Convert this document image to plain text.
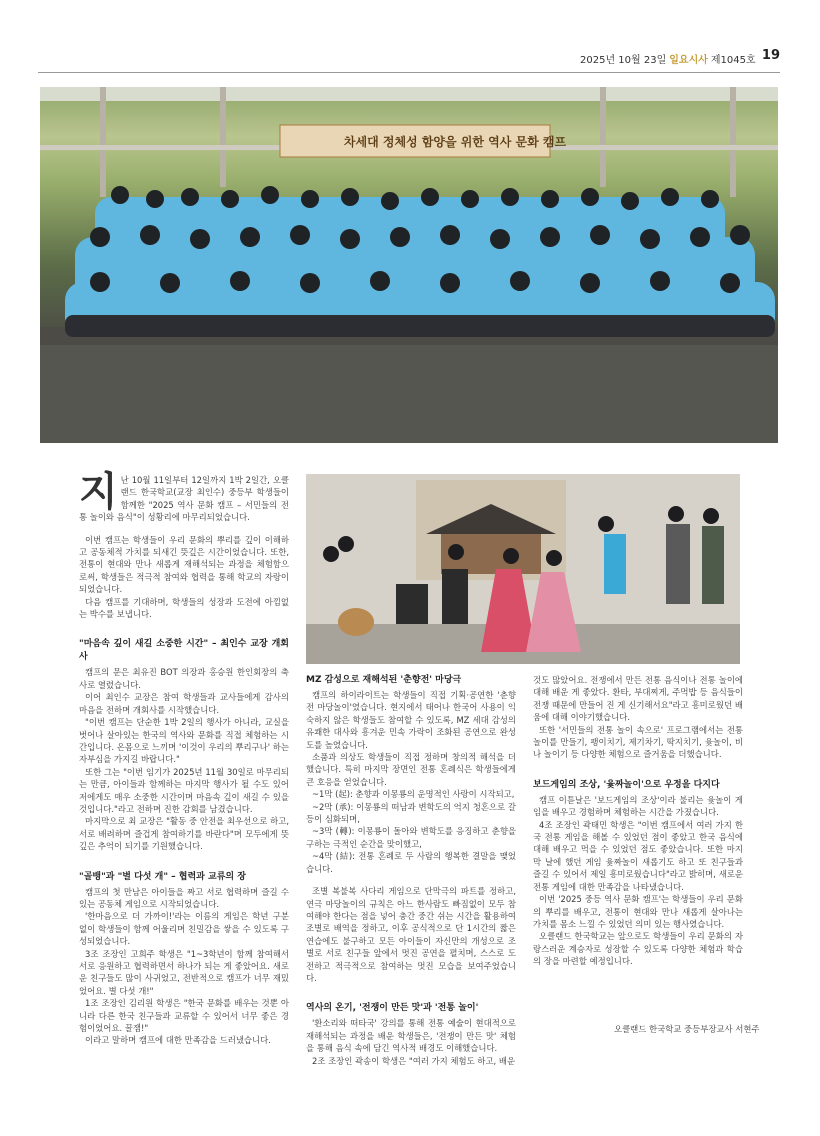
2025년 10월 23일 일요시사 제1045호 19
차세대 정체성 함양을 위한 역사 문화 캠프
지 난 10월 11일부터 12일까지 1박 2일간, 오클랜드 한국학교(교장 최인수) 중등부 학생들이 함께한 "2025 역사 문화 캠프 – 서민들의 전통 놀이와 음식"이 성황리에 마무리되었습니다.

이번 캠프는 학생들이 우리 문화의 뿌리를 깊이 이해하고 공동체적 가치를 되새긴 뜻깊은 시간이었습니다. 또한, 전통이 현대와 만나 새롭게 재해석되는 과정을 체험함으로써, 학생들은 적극적 참여와 협력을 통해 학교의 자랑이 되었습니다.

다음 캠프를 기대하며, 학생들의 성장과 도전에 아낌없는 박수를 보냅니다.

"마음속 깊이 새길 소중한 시간" – 최인수 교장 개회사

캠프의 문은 최유진 BOT 의장과 홍승원 한인회장의 축사로 열렸습니다.

이어 최인수 교장은 참여 학생들과 교사들에게 감사의 마음을 전하며 개회사를 시작했습니다.

"이번 캠프는 단순한 1박 2일의 행사가 아니라, 교실을 벗어나 살아있는 한국의 역사와 문화를 직접 체험하는 시간입니다. 온몸으로 느끼며 '이것이 우리의 뿌리구나' 하는 자부심을 가지길 바랍니다."

또한 그는 "이번 임기가 2025년 11월 30일로 마무리되는 만큼, 아이들과 함께하는 마지막 행사가 될 수도 있어 저에게도 매우 소중한 시간이며 마음속 깊이 새길 수 있을 것입니다."라고 전하며 진한 감회를 남겼습니다.

마지막으로 최 교장은 "활동 중 안전을 최우선으로 하고, 서로 배려하며 즐겁게 참여하기를 바란다"며 모두에게 뜻깊은 추억이 되기를 기원했습니다.

"골뱅"과 "별 다섯 개" – 협력과 교류의 장

캠프의 첫 만남은 아이들을 짜고 서로 협력하며 즐길 수 있는 공동체 게임으로 시작되었습니다.

'한마음으로 더 가까이!'라는 이름의 게임은 학년 구분 없이 학생들이 함께 어울리며 친밀감을 쌓을 수 있도록 구성되었습니다.

3조 조장인 고희주 학생은 "1~3학년이 함께 참여해서 서로 응원하고 협력하면서 하나가 되는 게 좋았어요. 새로운 친구들도 많이 사귀었고, 전반적으로 캠프가 너무 재밌었어요. 별 다섯 개!"

1조 조장인 김리원 학생은 "한국 문화를 배우는 것뿐 아니라 다른 한국 친구들과 교류할 수 있어서 너무 좋은 경험이었어요. 꿀잼!"

이라고 말하며 캠프에 대한 만족감을 드러냈습니다.

MZ 감성으로 재해석된 '춘향전' 마당극

캠프의 하이라이트는 학생들이 직접 기획·공연한 '춘향전 마당놀이'였습니다. 현지에서 태어나 한국어 사용이 익숙하지 않은 학생들도 참여할 수 있도록, MZ 세대 감성의 유쾌한 대사와 흥겨운 민속 가락이 조화된 공연으로 완성도를 높였습니다.

소품과 의상도 학생들이 직접 정하며 창의적 해석을 더했습니다. 특히 마지막 장면인 전통 혼례식은 학생들에게 큰 호응을 얻었습니다.

~1막 (起): 춘향과 이몽룡의 운명적인 사랑이 시작되고,

~2막 (承): 이몽룡의 떠남과 변학도의 억지 청혼으로 갈등이 심화되며,

~3막 (轉): 이몽룡이 돌아와 변학도를 응징하고 춘향을 구하는 극적인 순간을 맞이했고,

~4막 (結): 전통 혼례로 두 사람의 행복한 결말을 맺었습니다.

조별 복불복 사다리 게임으로 단막극의 파트를 정하고, 연극 마당놀이의 규칙은 아느 한사람도 빠짐없이 모두 참여해야 한다는 점을 넣어 충간 중간 쉬는 시간을 활용하여 조별로 배역을 정하고, 이후 공식적으로 단 1시간의 짧은 연습에도 불구하고 모든 아이들이 자신만의 개성으로 조별로 서로 친구들 앞에서 멋진 공연을 펼치며, 스스로 도전하고 적극적으로 참여하는 멋진 모습을 보여주었습니다.

역사의 온기, '전쟁이 만든 맛'과 '전통 놀이'

'환소리와 떠타국' 강의를 통해 전통 예술이 현대적으로 재해석되는 과정을 배운 학생들은, '전쟁이 만든 맛' 체험을 통해 음식 속에 담긴 역사적 배경도 이해했습니다.

2조 조장인 곽송이 학생은 "여러 가지 체험도 하고, 배운

것도 많았어요. 전쟁에서 만든 전통 음식이나 전통 놀이에 대해 배운 게 좋았다. 환타, 부대찌게, 주먹밥 등 음식들이 전쟁 때문에 만들어 진 게 신기해서요"라고 흥미로웠던 배움에 대해 이야기했습니다.

또한 '서민들의 전통 놀이 속으로' 프로그램에서는 전통 놀이를 만들기, 팽이치기, 제기차기, 딱지치기, 윷놀이, 비나 놀이기 등 다양한 체험으로 즐거움을 더했습니다.

보드게임의 조상, '윷짜놀이'으로 우정을 다지다

캠프 이튿날은 '보드게임의 조상'이라 불리는 윷놀이 게임을 배우고 경험하며 체험하는 시간을 가졌습니다.

4조 조장인 곽태민 학생은 "이번 캠프에서 여러 가지 한국 전통 게임을 해볼 수 있었던 점이 좋았고 한국 음식에 대해 배우고 먹을 수 있었던 점도 좋았습니다. 또한 마지막 날에 했던 게임 윷짜놀이 새롭기도 하고 또 친구들과 즐길 수 있어서 제일 흥미로웠습니다"라고 밝히며, 새로운 전통 게임에 대한 만족감을 나타냈습니다.

이번 '2025 중등 역사 문화 캠프'는 학생들이 우리 문화의 뿌리를 배우고, 전통이 현대와 만나 새롭게 살아나는 가치를 몸소 느낄 수 있었던 의미 있는 행사였습니다.

오클랜드 한국학교는 앞으로도 학생들이 우리 문화의 자랑스러운 계승자로 성장할 수 있도록 다양한 체험과 학습의 장을 마련할 예정입니다.

오클랜드 한국학교 중등부장교사 서현주
